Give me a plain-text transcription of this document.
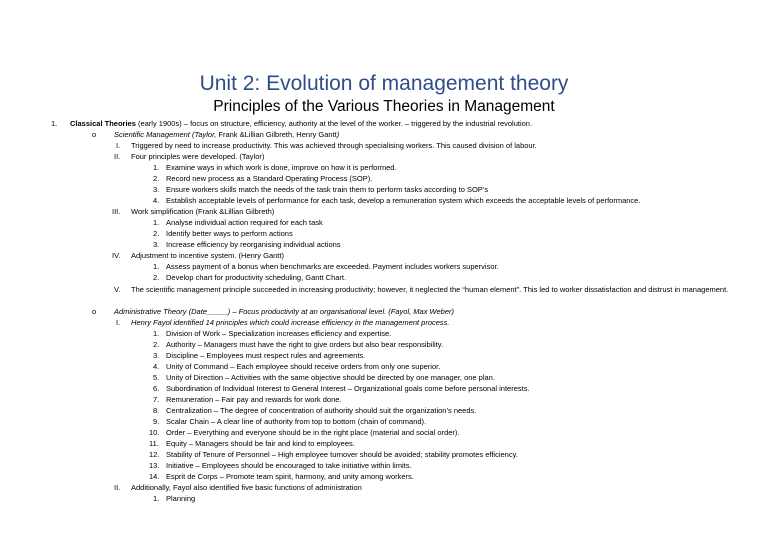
Unit 2: Evolution of management theory
Principles of the Various Theories in Management
1. Classical Theories (early 1900s) – focus on structure, efficiency, authority at the level of the worker. – triggered by the industrial revolution.
o Scientific Management (Taylor, Frank &Lillian Gilbreth, Henry Gantt)
I. Triggered by need to increase productivity. This was achieved through specialising workers. This caused division of labour.
II. Four principles were developed. (Taylor)
1. Examine ways in which work is done, improve on how it is performed.
2. Record new process as a Standard Operating Process (SOP).
3. Ensure workers skills match the needs of the task train them to perform tasks according to SOP’s
4. Establish acceptable levels of performance for each task, develop a remuneration system which exceeds the acceptable levels of performance.
III. Work simplification (Frank &Lillian Gilbreth)
1. Analyse individual action required for each task
2. Identify better ways to perform actions
3. Increase efficiency by reorganising individual actions
IV. Adjustment to incentive system. (Henry Gantt)
1. Assess payment of a bonus when benchmarks are exceeded. Payment includes workers supervisor.
2. Develop chart for productivity scheduling, Gantt Chart.
V. The scientific management principle succeeded in increasing productivity; however, it neglected the “human element”. This led to worker dissatisfaction and distrust in management.
o Administrative Theory (Date_____) – Focus productivity at an organisational level. (Fayol, Max Weber)
I. Henry Fayol identified 14 principles which could increase efficiency in the management process.
1. Division of Work – Specialization increases efficiency and expertise.
2. Authority – Managers must have the right to give orders but also bear responsibility.
3. Discipline – Employees must respect rules and agreements.
4. Unity of Command – Each employee should receive orders from only one superior.
5. Unity of Direction – Activities with the same objective should be directed by one manager, one plan.
6. Subordination of Individual Interest to General Interest – Organizational goals come before personal interests.
7. Remuneration – Fair pay and rewards for work done.
8. Centralization – The degree of concentration of authority should suit the organization’s needs.
9. Scalar Chain – A clear line of authority from top to bottom (chain of command).
10. Order – Everything and everyone should be in the right place (material and social order).
11. Equity – Managers should be fair and kind to employees.
12. Stability of Tenure of Personnel – High employee turnover should be avoided; stability promotes efficiency.
13. Initiative – Employees should be encouraged to take initiative within limits.
14. Esprit de Corps – Promote team spirit, harmony, and unity among workers.
II. Additionally, Fayol also identified five basic functions of administration
1. Planning
